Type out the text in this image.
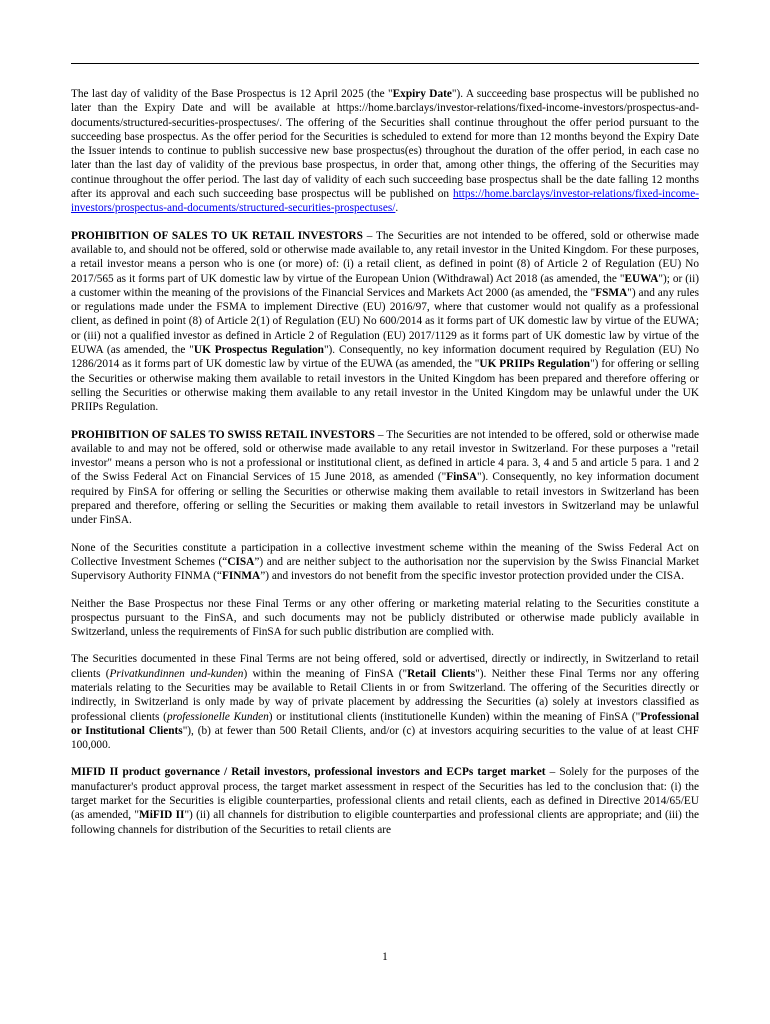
The last day of validity of the Base Prospectus is 12 April 2025 (the "Expiry Date"). A succeeding base prospectus will be published no later than the Expiry Date and will be available at https://home.barclays/investor-relations/fixed-income-investors/prospectus-and-documents/structured-securities-prospectuses/. The offering of the Securities shall continue throughout the offer period pursuant to the succeeding base prospectus. As the offer period for the Securities is scheduled to extend for more than 12 months beyond the Expiry Date the Issuer intends to continue to publish successive new base prospectus(es) throughout the duration of the offer period, in each case no later than the last day of validity of the previous base prospectus, in order that, among other things, the offering of the Securities may continue throughout the offer period. The last day of validity of each such succeeding base prospectus shall be the date falling 12 months after its approval and each such succeeding base prospectus will be published on https://home.barclays/investor-relations/fixed-income-investors/prospectus-and-documents/structured-securities-prospectuses/.

PROHIBITION OF SALES TO UK RETAIL INVESTORS – The Securities are not intended to be offered, sold or otherwise made available to, and should not be offered, sold or otherwise made available to, any retail investor in the United Kingdom. For these purposes, a retail investor means a person who is one (or more) of: (i) a retail client, as defined in point (8) of Article 2 of Regulation (EU) No 2017/565 as it forms part of UK domestic law by virtue of the European Union (Withdrawal) Act 2018 (as amended, the "EUWA"); or (ii) a customer within the meaning of the provisions of the Financial Services and Markets Act 2000 (as amended, the "FSMA") and any rules or regulations made under the FSMA to implement Directive (EU) 2016/97, where that customer would not qualify as a professional client, as defined in point (8) of Article 2(1) of Regulation (EU) No 600/2014 as it forms part of UK domestic law by virtue of the EUWA; or (iii) not a qualified investor as defined in Article 2 of Regulation (EU) 2017/1129 as it forms part of UK domestic law by virtue of the EUWA (as amended, the "UK Prospectus Regulation"). Consequently, no key information document required by Regulation (EU) No 1286/2014 as it forms part of UK domestic law by virtue of the EUWA (as amended, the "UK PRIIPs Regulation") for offering or selling the Securities or otherwise making them available to retail investors in the United Kingdom has been prepared and therefore offering or selling the Securities or otherwise making them available to any retail investor in the United Kingdom may be unlawful under the UK PRIIPs Regulation.

PROHIBITION OF SALES TO SWISS RETAIL INVESTORS – The Securities are not intended to be offered, sold or otherwise made available to and may not be offered, sold or otherwise made available to any retail investor in Switzerland. For these purposes a "retail investor" means a person who is not a professional or institutional client, as defined in article 4 para. 3, 4 and 5 and article 5 para. 1 and 2 of the Swiss Federal Act on Financial Services of 15 June 2018, as amended ("FinSA"). Consequently, no key information document required by FinSA for offering or selling the Securities or otherwise making them available to retail investors in Switzerland has been prepared and therefore, offering or selling the Securities or making them available to retail investors in Switzerland may be unlawful under FinSA.

None of the Securities constitute a participation in a collective investment scheme within the meaning of the Swiss Federal Act on Collective Investment Schemes (“CISA”) and are neither subject to the authorisation nor the supervision by the Swiss Financial Market Supervisory Authority FINMA (“FINMA”) and investors do not benefit from the specific investor protection provided under the CISA.

Neither the Base Prospectus nor these Final Terms or any other offering or marketing material relating to the Securities constitute a prospectus pursuant to the FinSA, and such documents may not be publicly distributed or otherwise made publicly available in Switzerland, unless the requirements of FinSA for such public distribution are complied with.

The Securities documented in these Final Terms are not being offered, sold or advertised, directly or indirectly, in Switzerland to retail clients (Privatkundinnen und-kunden) within the meaning of FinSA ("Retail Clients"). Neither these Final Terms nor any offering materials relating to the Securities may be available to Retail Clients in or from Switzerland. The offering of the Securities directly or indirectly, in Switzerland is only made by way of private placement by addressing the Securities (a) solely at investors classified as professional clients (professionelle Kunden) or institutional clients (institutionelle Kunden) within the meaning of FinSA ("Professional or Institutional Clients"), (b) at fewer than 500 Retail Clients, and/or (c) at investors acquiring securities to the value of at least CHF 100,000.

MIFID II product governance / Retail investors, professional investors and ECPs target market – Solely for the purposes of the manufacturer's product approval process, the target market assessment in respect of the Securities has led to the conclusion that: (i) the target market for the Securities is eligible counterparties, professional clients and retail clients, each as defined in Directive 2014/65/EU (as amended, "MiFID II") (ii) all channels for distribution to eligible counterparties and professional clients are appropriate; and (iii) the following channels for distribution of the Securities to retail clients are

1
